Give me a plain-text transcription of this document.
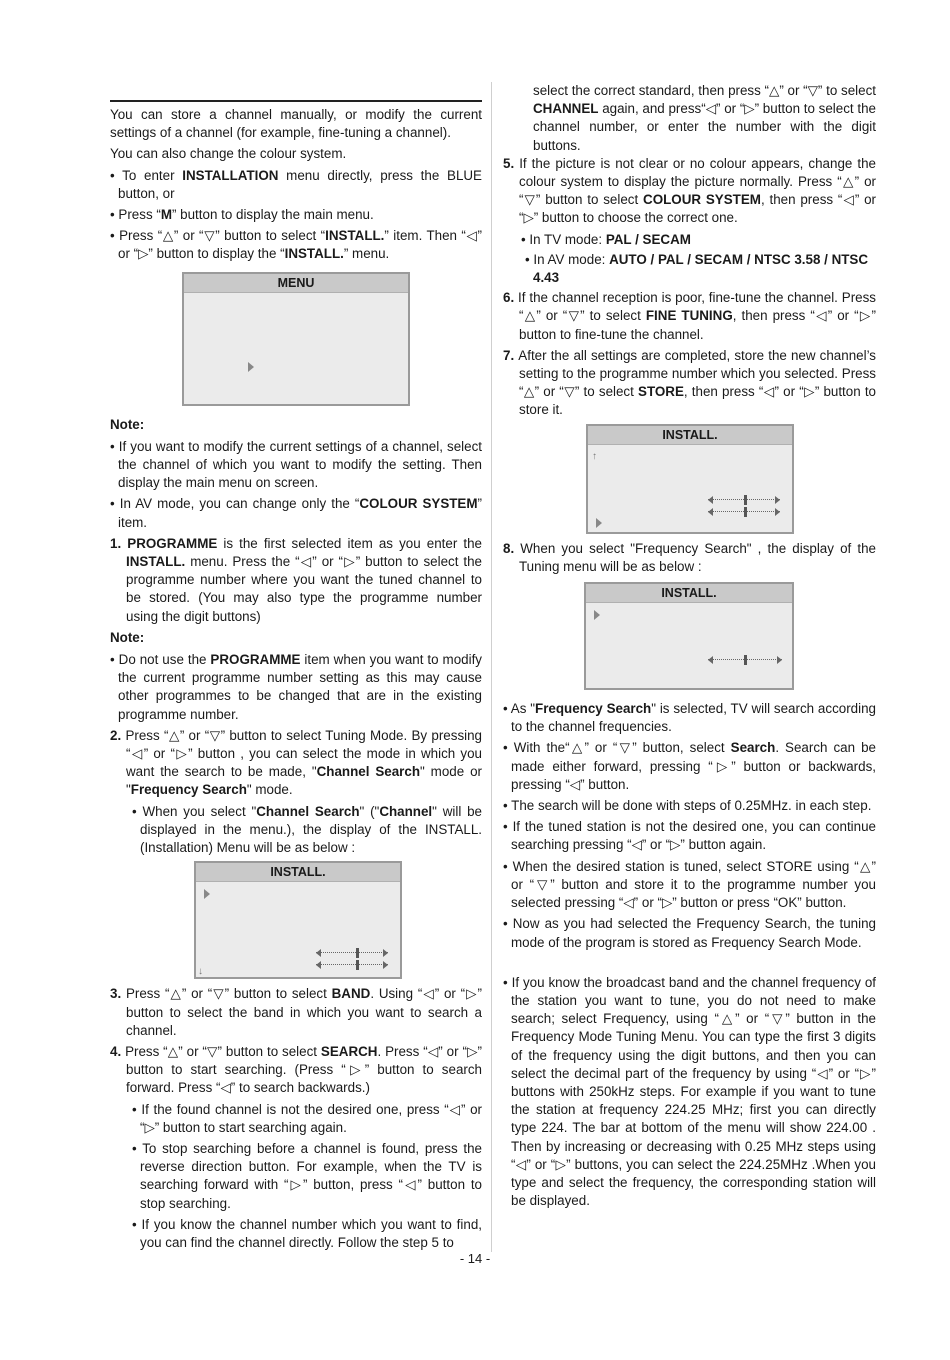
You can store a channel manually, or modify the current settings of a channel (for example, fine-tuning a channel).

You can also change the colour system.

• To enter INSTALLATION menu directly, press the BLUE button, or
• Press “M” button to display the main menu.
• Press “△” or “▽” button to select “INSTALL.” item. Then “◁” or “▷” button to display the “INSTALL.” menu.
MENU
Note:
• If you want to modify the current settings of a channel, select the channel of which you want to modify the setting. Then display the main menu on screen.
• In AV mode, you can change only the “COLOUR SYSTEM” item.
1. PROGRAMME is the first selected item as you enter the INSTALL. menu. Press the “◁” or “▷” button to select the programme number where you want the tuned channel to be stored. (You may also type the programme number using the digit buttons)
Note:
• Do not use the PROGRAMME item when you want to modify the current programme number setting as this may cause other programmes to be changed that are in the existing programme number.
2. Press “△” or “▽” button to select Tuning Mode. By pressing “◁” or “▷” button , you can select the mode in which you want the search to be made, "Channel Search" mode or "Frequency Search" mode.
• When you select "Channel Search" ("Channel" will be displayed in the menu.), the display of the INSTALL.(Installation) Menu will be as below :
INSTALL.
↓
3. Press “△” or “▽” button to select BAND. Using “◁” or “▷” button to select the band in which you want to search a channel.
4. Press “△” or “▽” button to select SEARCH. Press “◁” or “▷” button to start searching. (Press “▷” button to search forward. Press “◁” to search backwards.)
• If the found channel is not the desired one, press “◁” or “▷” button to start searching again.
• To stop searching before a channel is found, press the reverse direction button. For example, when the TV is searching forward with “▷” button, press “◁” button to stop searching.
• If you know the channel number which you want to find, you can find the channel directly. Follow the step 5 to
select the correct standard, then press “△” or “▽” to select CHANNEL again, and press“◁” or “▷” button to select the channel number, or enter the number with the digit buttons.
5. If the picture is not clear or no colour appears, change the colour system to display the picture normally. Press “△” or “▽” button to select COLOUR SYSTEM, then press “◁” or “▷” button to choose the correct one.
• In TV mode: PAL / SECAM
• In AV mode: AUTO / PAL / SECAM / NTSC 3.58 / NTSC 4.43
6. If the channel reception is poor, fine-tune the channel. Press “△” or “▽” to select FINE TUNING, then press “◁” or “▷” button to fine-tune the channel.
7. After the all settings are completed, store the new channel’s setting to the programme number which you selected. Press “△” or “▽” to select STORE, then press “◁” or “▷” button to store it.
INSTALL.
↑
8. When you select "Frequency Search" , the display of the Tuning menu will be as below :
INSTALL.
• As "Frequency Search" is selected, TV will search according to the channel frequencies.
• With the“△” or “▽” button, select Search. Search can be made either forward, pressing “▷” button or backwards, pressing “◁” button.
• The search will be done with steps of 0.25MHz. in each step.
• If the tuned station is not the desired one, you can continue searching pressing “◁” or “▷” button again.
• When the desired station is tuned, select STORE using “△” or “▽” button and store it to the programme number you selected pressing “◁” or “▷” button or press “OK” button.
• Now as you had selected the Frequency Search, the tuning mode of the program is stored as Frequency Search Mode.
• If you know the broadcast band and the channel frequency of the station you want to tune, you do not need to make search; select Frequency, using “△” or “▽” button in the Frequency Mode Tuning Menu. You can type the first 3 digits of the frequency using the digit buttons, and then you can select the decimal part of the frequency by using “◁” or “▷” buttons with 250kHz steps. For example if you want to tune the station at frequency 224.25 MHz; first you can directly type 224. The bar at bottom of the menu will show 224.00 . Then by increasing or decreasing with 0.25 MHz steps using “◁” or “▷” buttons, you can select the 224.25MHz .When you type and select the frequency, the corresponding station will be displayed.
- 14 -
